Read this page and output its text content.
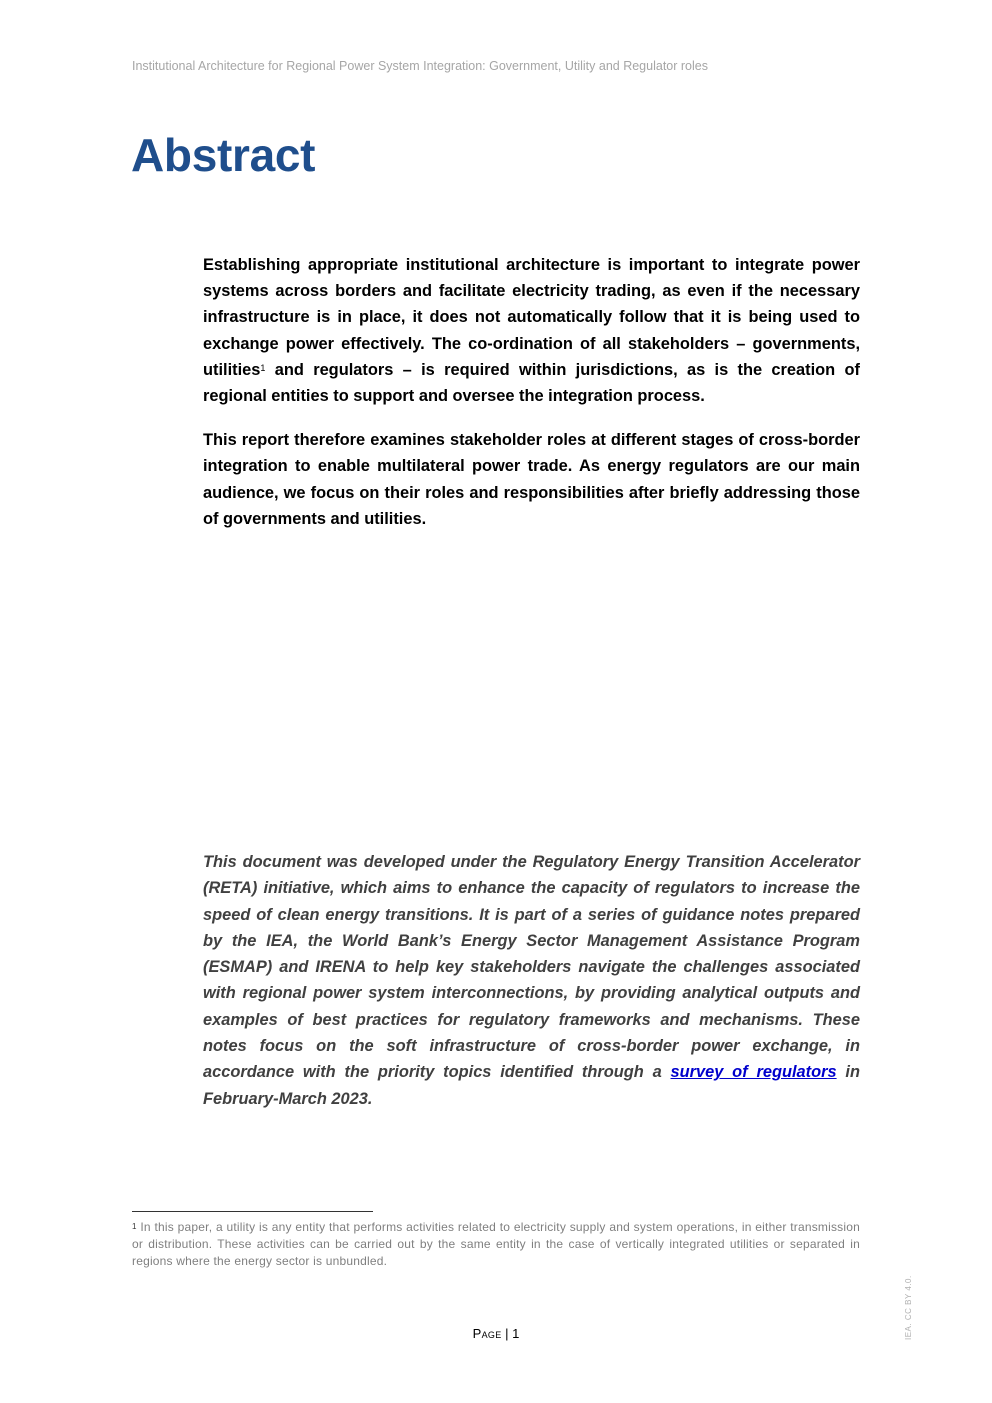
Institutional Architecture for Regional Power System Integration: Government, Utility and Regulator roles
Abstract

Establishing appropriate institutional architecture is important to integrate power systems across borders and facilitate electricity trading, as even if the necessary infrastructure is in place, it does not automatically follow that it is being used to exchange power effectively. The co-ordination of all stakeholders – governments, utilities$^1$ and regulators – is required within jurisdictions, as is the creation of regional entities to support and oversee the integration process.

This report therefore examines stakeholder roles at different stages of cross-border integration to enable multilateral power trade. As energy regulators are our main audience, we focus on their roles and responsibilities after briefly addressing those of governments and utilities.

This document was developed under the Regulatory Energy Transition Accelerator (RETA) initiative, which aims to enhance the capacity of regulators to increase the speed of clean energy transitions. It is part of a series of guidance notes prepared by the IEA, the World Bank’s Energy Sector Management Assistance Program (ESMAP) and IRENA to help key stakeholders navigate the challenges associated with regional power system interconnections, by providing analytical outputs and examples of best practices for regulatory frameworks and mechanisms. These notes focus on the soft infrastructure of cross-border power exchange, in accordance with the priority topics identified through a survey of regulators in February-March 2023.

$^1$ In this paper, a utility is any entity that performs activities related to electricity supply and system operations, in either transmission or distribution. These activities can be carried out by the same entity in the case of vertically integrated utilities or separated in regions where the energy sector is unbundled.

Page | 1	IEA. CC BY 4.0.
